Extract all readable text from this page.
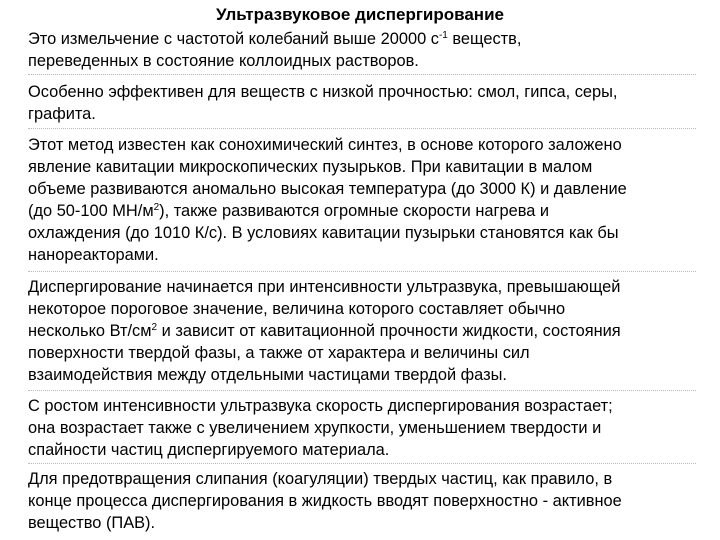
Ультразвуковое диспергирование

Это измельчение с частотой колебаний выше 20000 $с^{-1}$ веществ,
переведенных в состояние коллоидных растворов.

Особенно эффективен для веществ с низкой прочностью: смол, гипса, серы,
графита.

Этот метод известен как сонохимический синтез, в основе которого заложено
явление кавитации микроскопических пузырьков. При кавитации в малом
объеме развиваются аномально высокая температура (до 3000 К) и давление
(до 50-100 $МН/м^2$), также развиваются огромные скорости нагрева и
охлаждения (до 1010 К/с). В условиях кавитации пузырьки становятся как бы
нанореакторами.

Диспергирование начинается при интенсивности ультразвука, превышающей
некоторое пороговое значение, величина которого составляет обычно
несколько $Вт/см^2$ и зависит от кавитационной прочности жидкости, состояния
поверхности твердой фазы, а также от характера и величины сил
взаимодействия между отдельными частицами твердой фазы.

С ростом интенсивности ультразвука скорость диспергирования возрастает;
она возрастает также с увеличением хрупкости, уменьшением твердости и
спайности частиц диспергируемого материала.

Для предотвращения слипания (коагуляции) твердых частиц, как правило, в
конце процесса диспергирования в жидкость вводят поверхностно - активное
вещество (ПАВ).
